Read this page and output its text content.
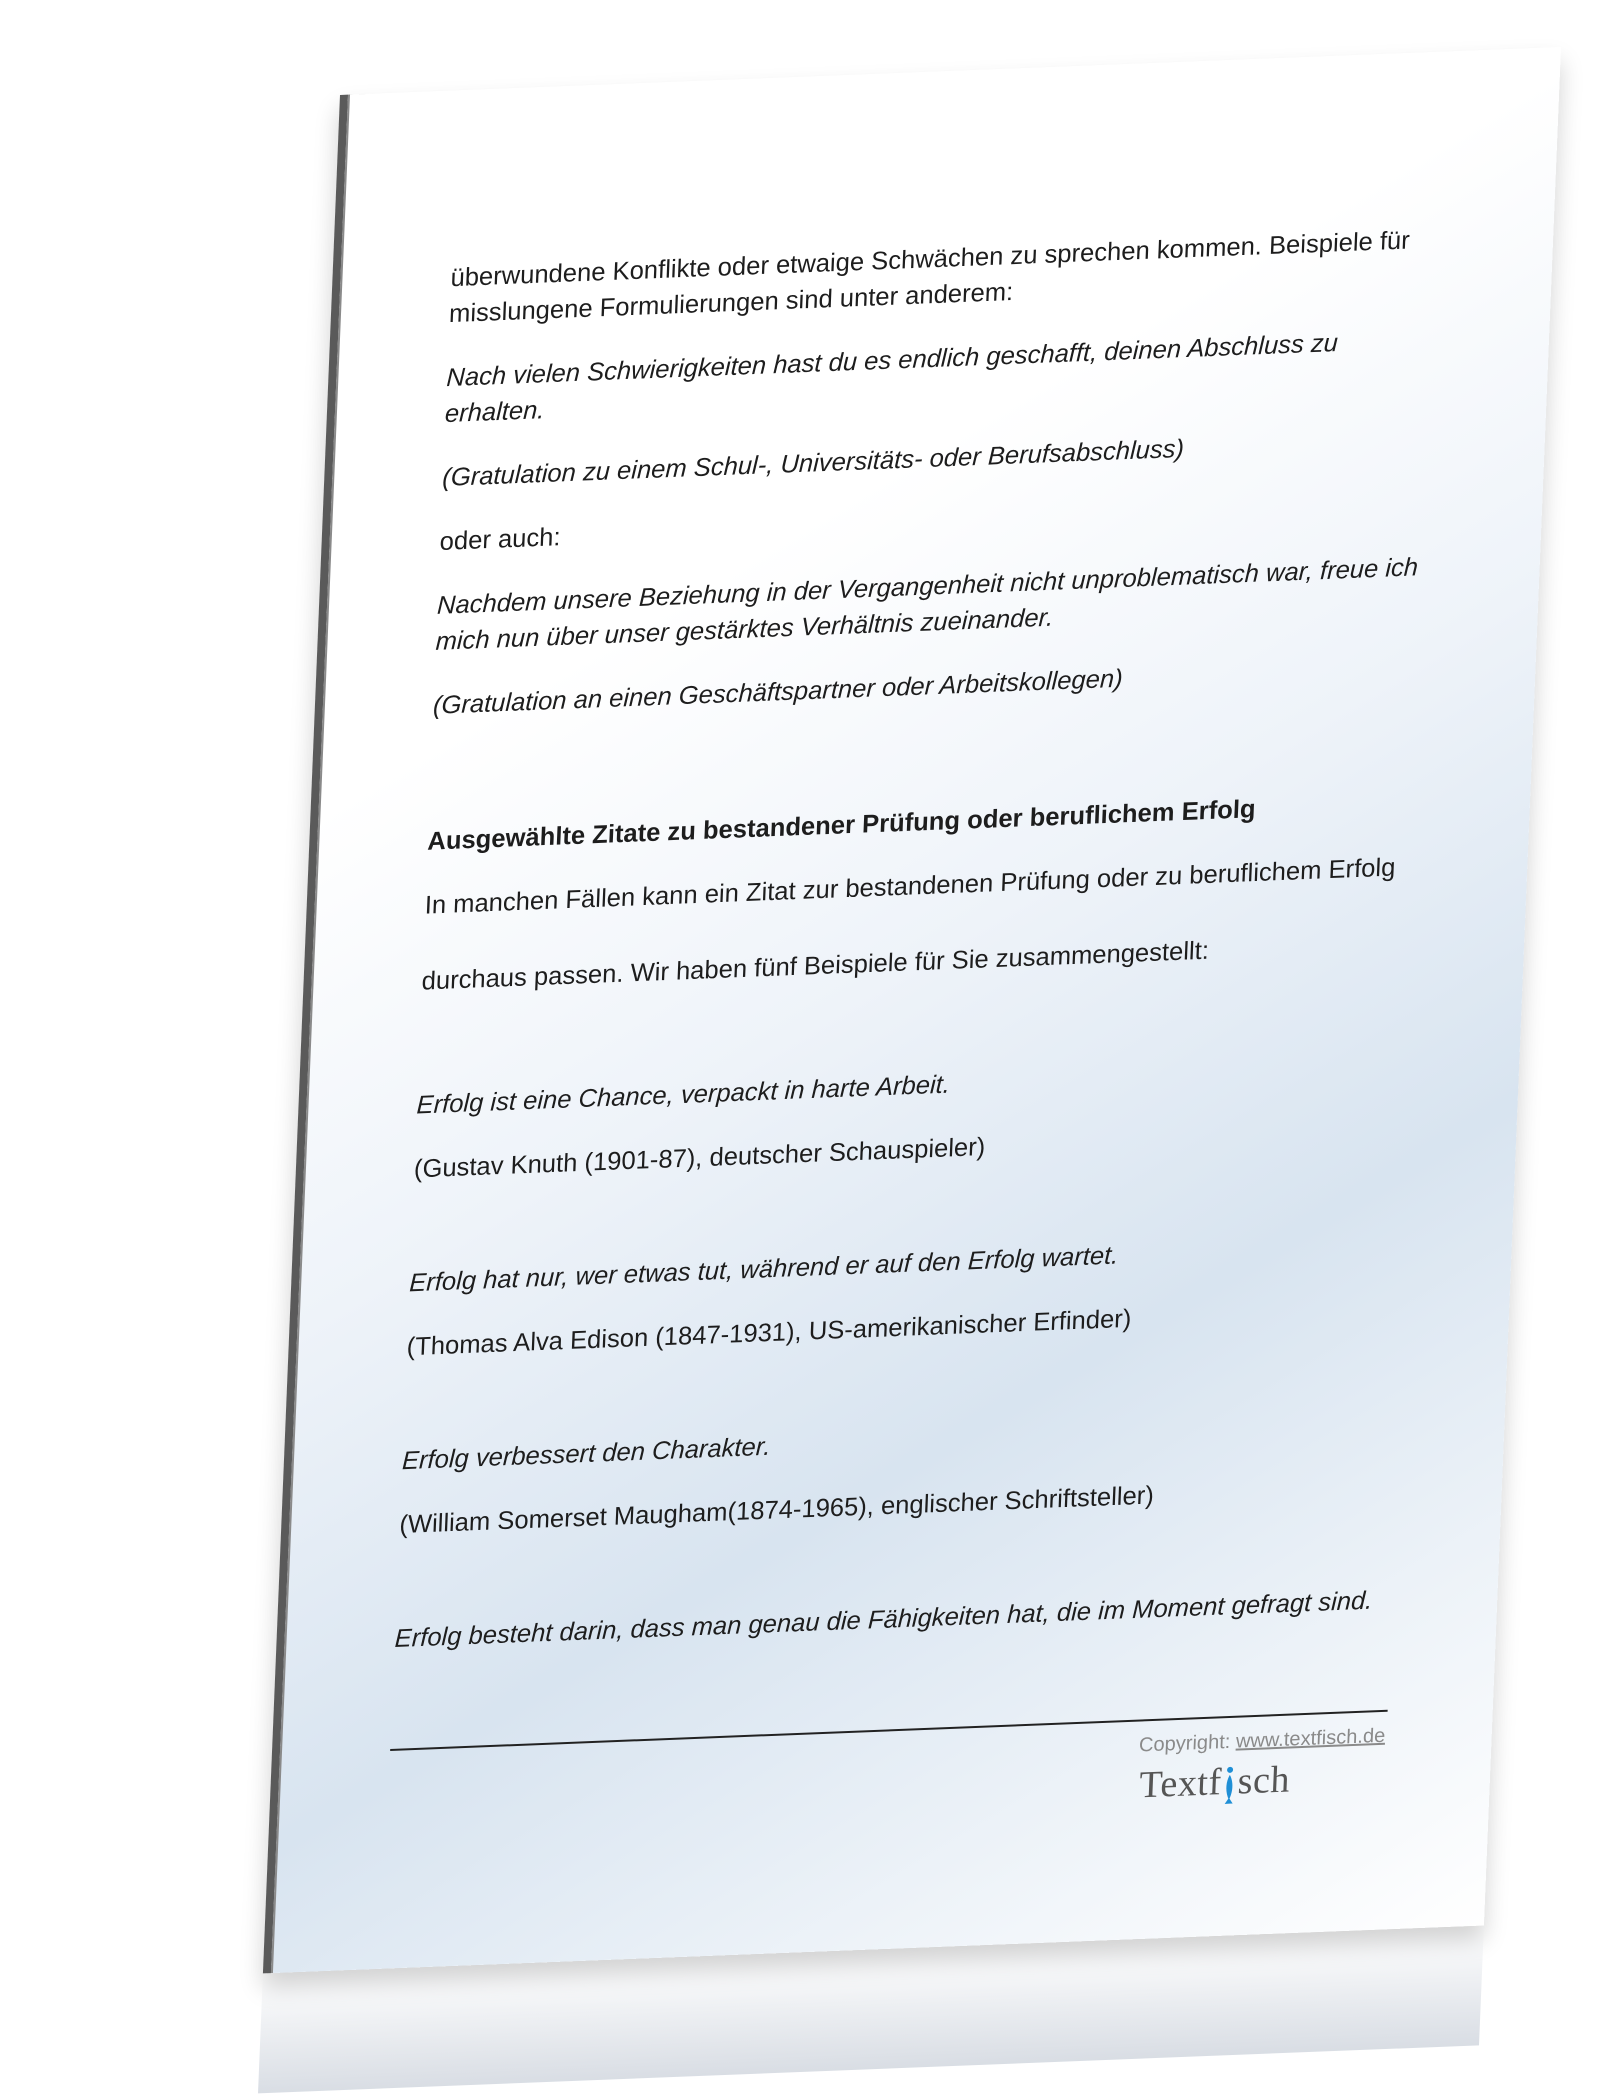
überwundene Konflikte oder etwaige Schwächen zu sprechen kommen. Beispiele für misslungene Formulierungen sind unter anderem:

Nach vielen Schwierigkeiten hast du es endlich geschafft, deinen Abschluss zu erhalten.

(Gratulation zu einem Schul-, Universitäts- oder Berufsabschluss)

oder auch:

Nachdem unsere Beziehung in der Vergangenheit nicht unproblematisch war, freue ich mich nun über unser gestärktes Verhältnis zueinander.

(Gratulation an einen Geschäftspartner oder Arbeitskollegen)

Ausgewählte Zitate zu bestandener Prüfung oder beruflichem Erfolg

In manchen Fällen kann ein Zitat zur bestandenen Prüfung oder zu beruflichem Erfolg

durchaus passen. Wir haben fünf Beispiele für Sie zusammengestellt:

Erfolg ist eine Chance, verpackt in harte Arbeit.

(Gustav Knuth (1901-87), deutscher Schauspieler)

Erfolg hat nur, wer etwas tut, während er auf den Erfolg wartet.

(Thomas Alva Edison (1847-1931), US-amerikanischer Erfinder)

Erfolg verbessert den Charakter.

(William Somerset Maugham(1874-1965), englischer Schriftsteller)

Erfolg besteht darin, dass man genau die Fähigkeiten hat, die im Moment gefragt sind.

Copyright: www.textfisch.de
Textf sch
